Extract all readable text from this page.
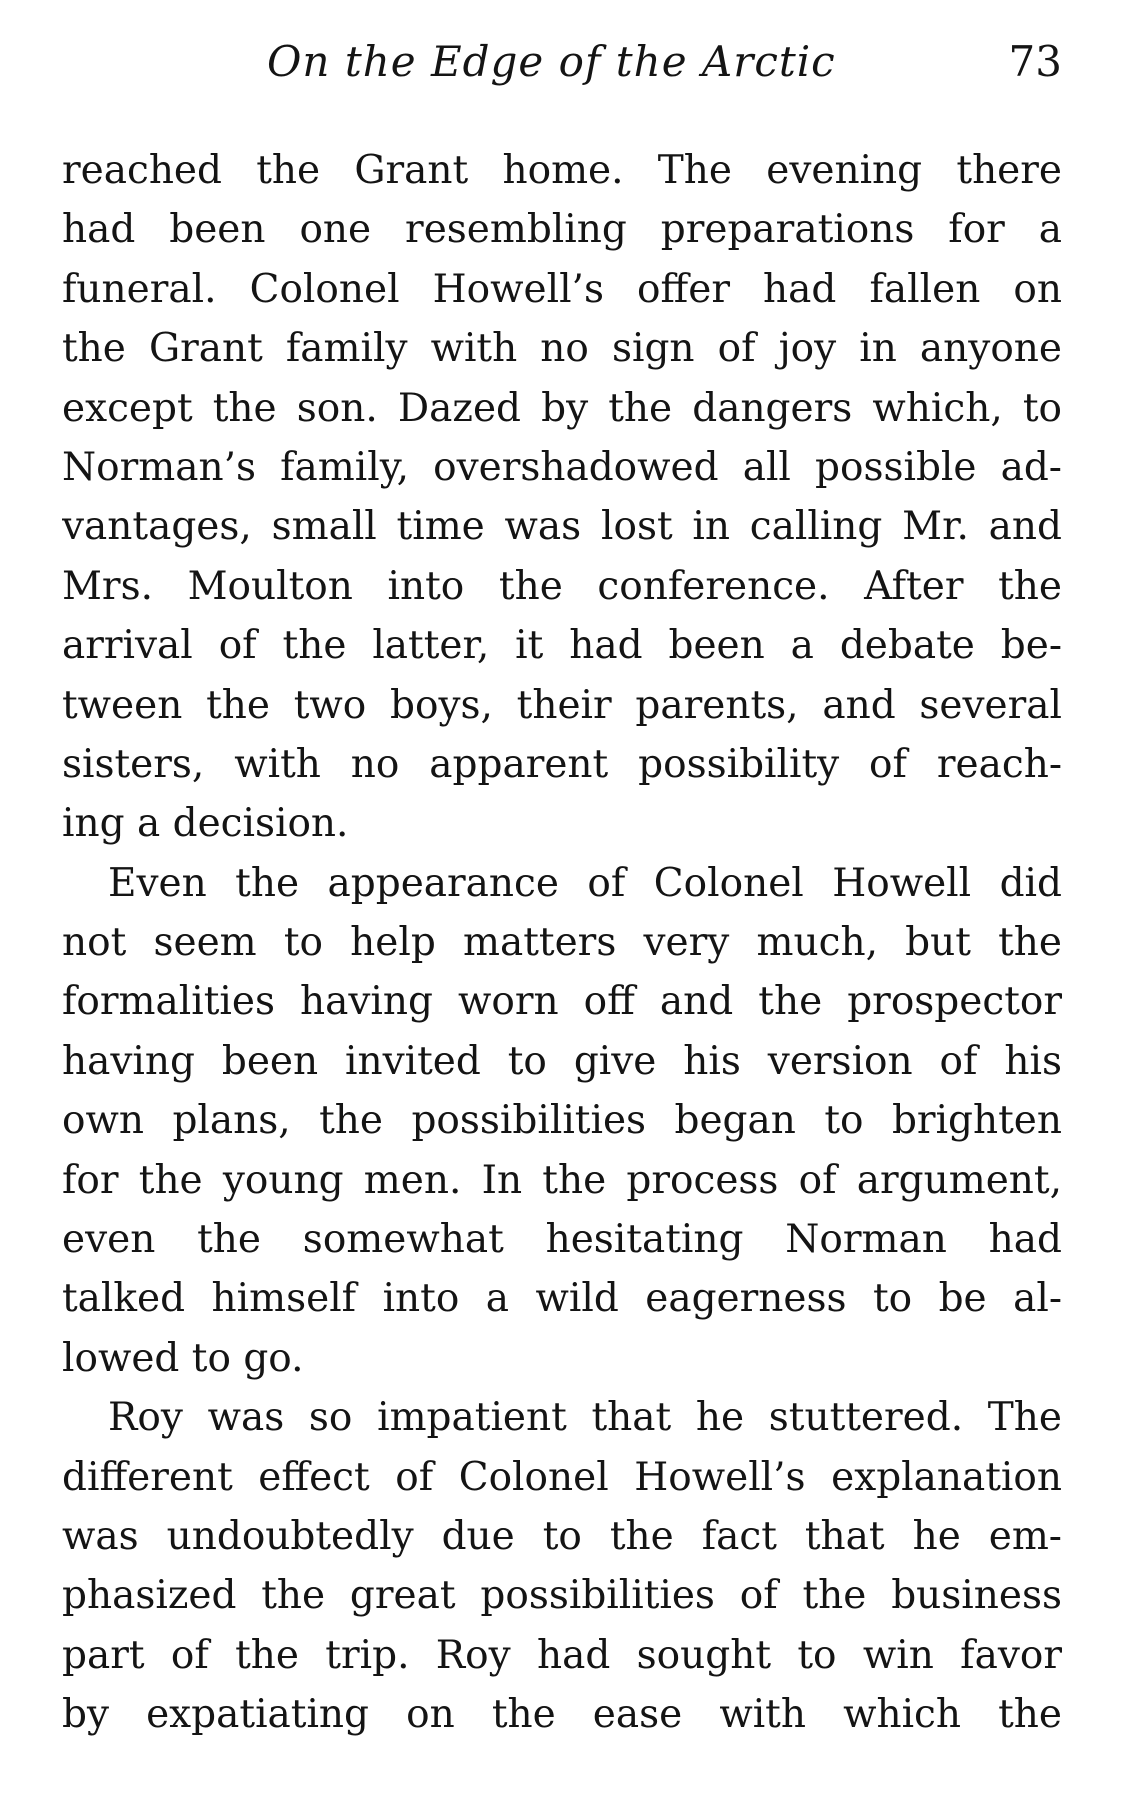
On the Edge of the Arctic	73
reached the Grant home. The evening there
had been one resembling preparations for a
funeral. Colonel Howell’s offer had fallen on
the Grant family with no sign of joy in anyone
except the son. Dazed by the dangers which, to
Norman’s family, overshadowed all possible ad-
vantages, small time was lost in calling Mr. and
Mrs. Moulton into the conference. After the
arrival of the latter, it had been a debate be-
tween the two boys, their parents, and several
sisters, with no apparent possibility of reach-
ing a decision.
Even the appearance of Colonel Howell did
not seem to help matters very much, but the
formalities having worn off and the prospector
having been invited to give his version of his
own plans, the possibilities began to brighten
for the young men. In the process of argument,
even the somewhat hesitating Norman had
talked himself into a wild eagerness to be al-
lowed to go.
Roy was so impatient that he stuttered. The
different effect of Colonel Howell’s explanation
was undoubtedly due to the fact that he em-
phasized the great possibilities of the business
part of the trip. Roy had sought to win favor
by expatiating on the ease with which the
